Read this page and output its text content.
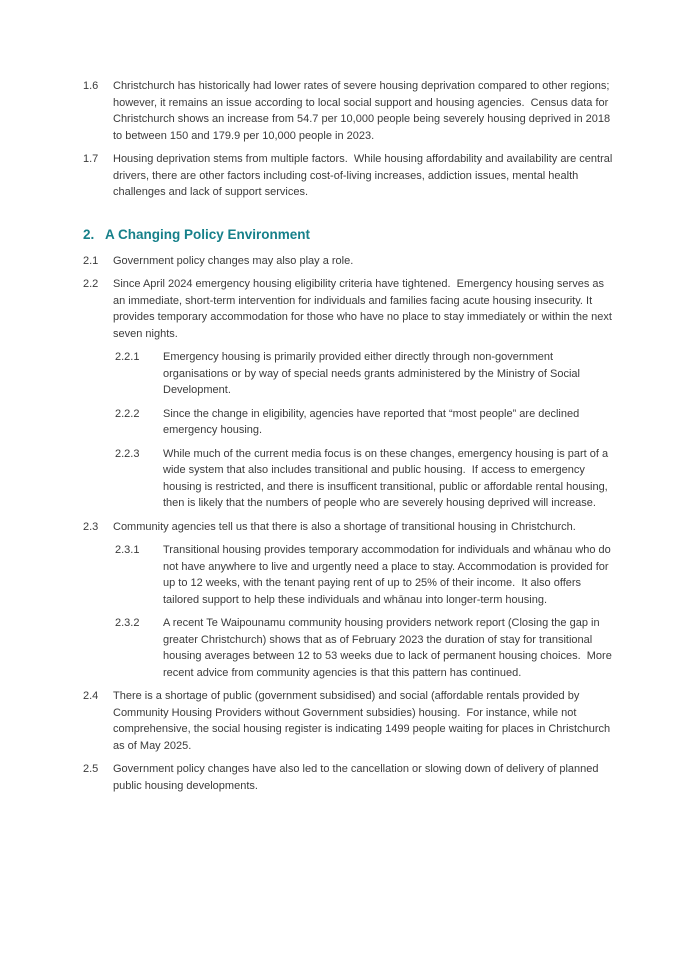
1.6	Christchurch has historically had lower rates of severe housing deprivation compared to other regions; however, it remains an issue according to local social support and housing agencies.  Census data for Christchurch shows an increase from 54.7 per 10,000 people being severely housing deprived in 2018 to between 150 and 179.9 per 10,000 people in 2023.
1.7	Housing deprivation stems from multiple factors.  While housing affordability and availability are central drivers, there are other factors including cost-of-living increases, addiction issues, mental health challenges and lack of support services.
2. A Changing Policy Environment
2.1	Government policy changes may also play a role.
2.2	Since April 2024 emergency housing eligibility criteria have tightened.  Emergency housing serves as an immediate, short-term intervention for individuals and families facing acute housing insecurity. It provides temporary accommodation for those who have no place to stay immediately or within the next seven nights.
2.2.1	Emergency housing is primarily provided either directly through non-government organisations or by way of special needs grants administered by the Ministry of Social Development.
2.2.2	Since the change in eligibility, agencies have reported that “most people” are declined emergency housing.
2.2.3	While much of the current media focus is on these changes, emergency housing is part of a wide system that also includes transitional and public housing.  If access to emergency housing is restricted, and there is insufficent transitional, public or affordable rental housing, then is likely that the numbers of people who are severely housing deprived will increase.
2.3	Community agencies tell us that there is also a shortage of transitional housing in Christchurch.
2.3.1	Transitional housing provides temporary accommodation for individuals and whānau who do not have anywhere to live and urgently need a place to stay. Accommodation is provided for up to 12 weeks, with the tenant paying rent of up to 25% of their income.  It also offers tailored support to help these individuals and whānau into longer-term housing.
2.3.2	A recent Te Waipounamu community housing providers network report (Closing the gap in greater Christchurch) shows that as of February 2023 the duration of stay for transitional housing averages between 12 to 53 weeks due to lack of permanent housing choices.  More recent advice from community agencies is that this pattern has continued.
2.4	There is a shortage of public (government subsidised) and social (affordable rentals provided by Community Housing Providers without Government subsidies) housing.  For instance, while not comprehensive, the social housing register is indicating 1499 people waiting for places in Christchurch as of May 2025.
2.5	Government policy changes have also led to the cancellation or slowing down of delivery of planned public housing developments.
